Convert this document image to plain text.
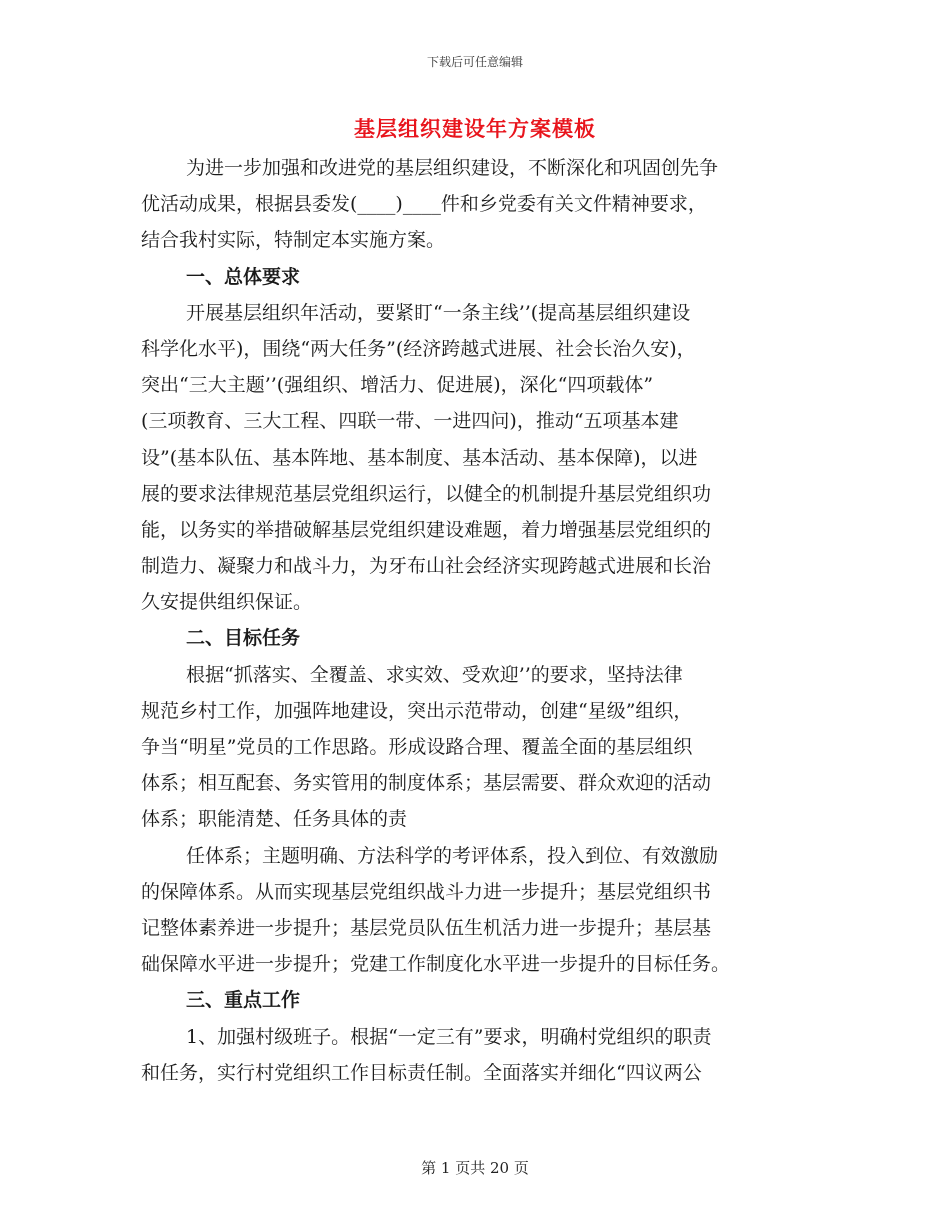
下载后可任意编辑
基层组织建设年方案模板
为进一步加强和改进党的基层组织建设，不断深化和巩固创先争
优活动成果，根据县委发(____)____件和乡党委有关文件精神要求，
结合我村实际，特制定本实施方案。
一、总体要求
开展基层组织年活动，要紧盯“一条主线’’(提高基层组织建设
科学化水平)，围绕“两大任务”(经济跨越式进展、社会长治久安)，
突出“三大主题’’(强组织、增活力、促进展)，深化“四项载体”
(三项教育、三大工程、四联一带、一进四问)，推动“五项基本建
设”(基本队伍、基本阵地、基本制度、基本活动、基本保障)，以进
展的要求法律规范基层党组织运行，以健全的机制提升基层党组织功
能，以务实的举措破解基层党组织建设难题，着力增强基层党组织的
制造力、凝聚力和战斗力，为牙布山社会经济实现跨越式进展和长治
久安提供组织保证。
二、目标任务
根据“抓落实、全覆盖、求实效、受欢迎’’的要求，坚持法律
规范乡村工作，加强阵地建设，突出示范带动，创建“星级”组织，
争当“明星”党员的工作思路。形成设路合理、覆盖全面的基层组织
体系；相互配套、务实管用的制度体系；基层需要、群众欢迎的活动
体系；职能清楚、任务具体的责
任体系；主题明确、方法科学的考评体系，投入到位、有效激励
的保障体系。从而实现基层党组织战斗力进一步提升；基层党组织书
记整体素养进一步提升；基层党员队伍生机活力进一步提升；基层基
础保障水平进一步提升；党建工作制度化水平进一步提升的目标任务。
三、重点工作
1、加强村级班子。根据“一定三有”要求，明确村党组织的职责
和任务，实行村党组织工作目标责任制。全面落实并细化“四议两公
第 1 页共 20 页
